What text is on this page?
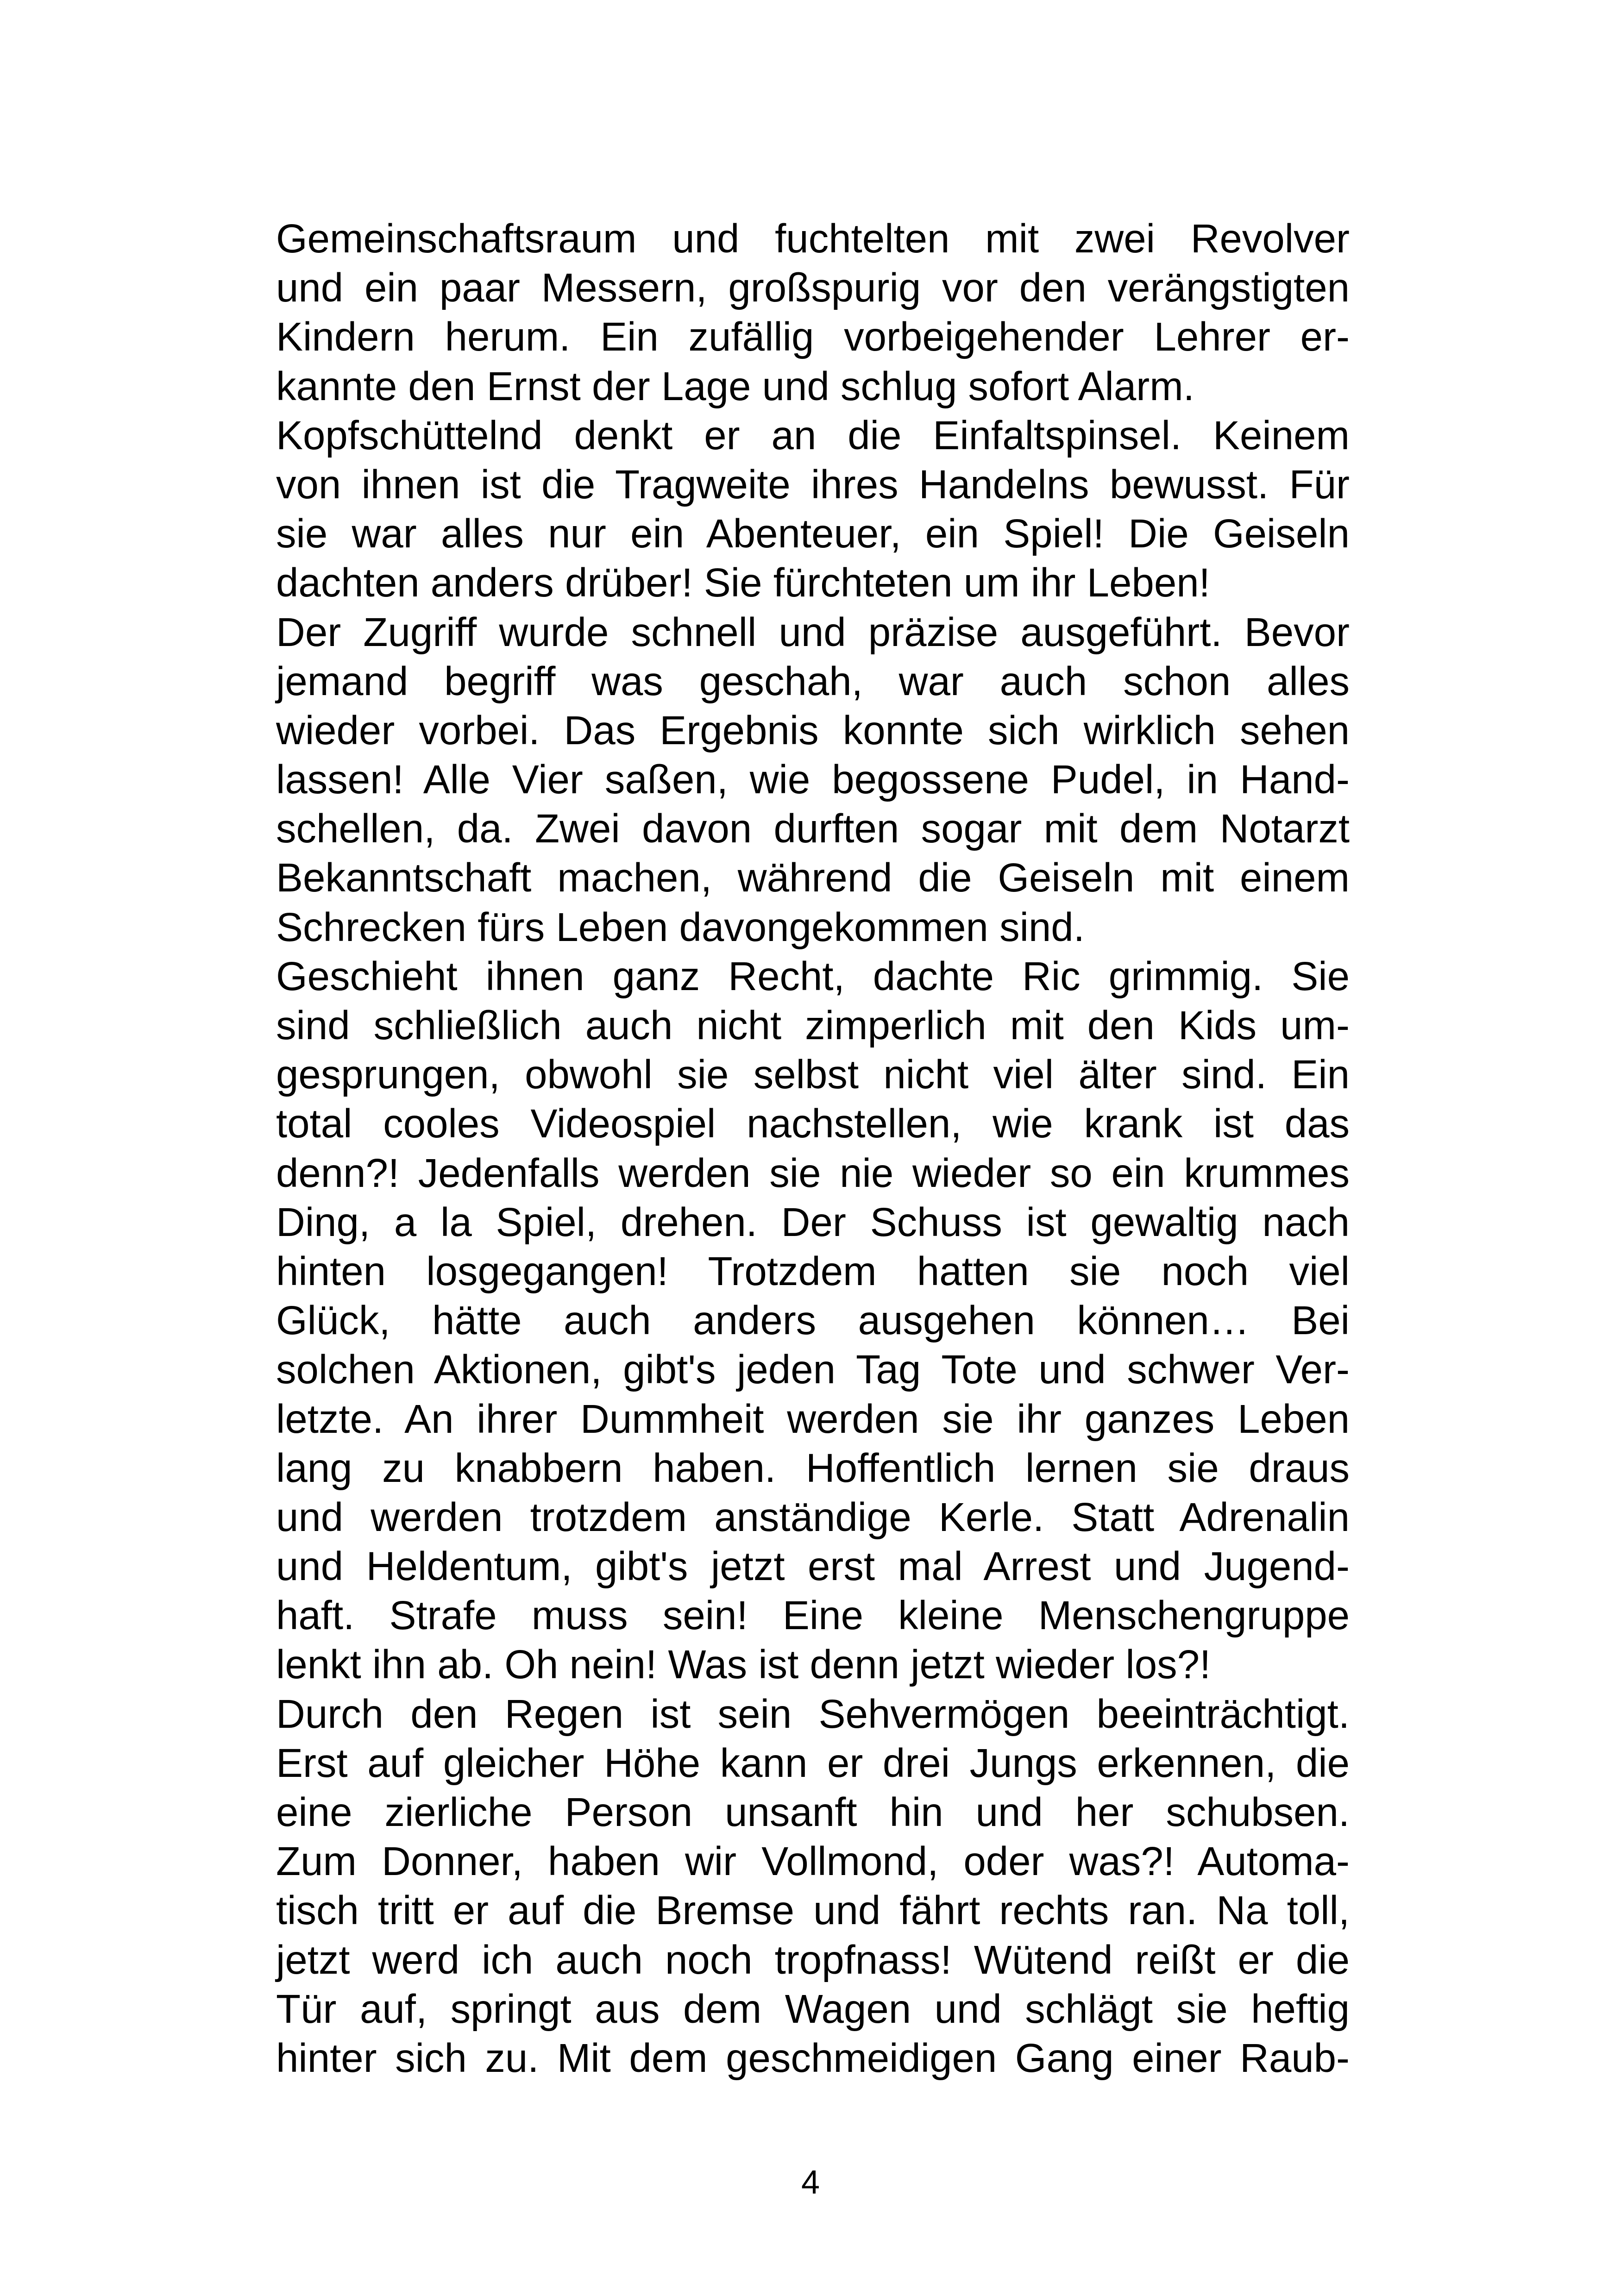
Gemeinschaftsraum und fuchtelten mit zwei Revolver
und ein paar Messern, großspurig vor den verängstigten
Kindern herum. Ein zufällig vorbeigehender Lehrer er-
kannte den Ernst der Lage und schlug sofort Alarm.
Kopfschüttelnd denkt er an die Einfaltspinsel. Keinem
von ihnen ist die Tragweite ihres Handelns bewusst. Für
sie war alles nur ein Abenteuer, ein Spiel! Die Geiseln
dachten anders drüber! Sie fürchteten um ihr Leben!
Der Zugriff wurde schnell und präzise ausgeführt. Bevor
jemand begriff was geschah, war auch schon alles
wieder vorbei. Das Ergebnis konnte sich wirklich sehen
lassen! Alle Vier saßen, wie begossene Pudel, in Hand-
schellen, da. Zwei davon durften sogar mit dem Notarzt
Bekanntschaft machen, während die Geiseln mit einem
Schrecken fürs Leben davongekommen sind.
Geschieht ihnen ganz Recht, dachte Ric grimmig. Sie
sind schließlich auch nicht zimperlich mit den Kids um-
gesprungen, obwohl sie selbst nicht viel älter sind. Ein
total cooles Videospiel nachstellen, wie krank ist das
denn?! Jedenfalls werden sie nie wieder so ein krummes
Ding, a la Spiel, drehen. Der Schuss ist gewaltig nach
hinten losgegangen! Trotzdem hatten sie noch viel
Glück, hätte auch anders ausgehen können… Bei
solchen Aktionen, gibt's jeden Tag Tote und schwer Ver-
letzte. An ihrer Dummheit werden sie ihr ganzes Leben
lang zu knabbern haben. Hoffentlich lernen sie draus
und werden trotzdem anständige Kerle. Statt Adrenalin
und Heldentum, gibt's jetzt erst mal Arrest und Jugend-
haft. Strafe muss sein! Eine kleine Menschengruppe
lenkt ihn ab. Oh nein! Was ist denn jetzt wieder los?!
Durch den Regen ist sein Sehvermögen beeinträchtigt.
Erst auf gleicher Höhe kann er drei Jungs erkennen, die
eine zierliche Person unsanft hin und her schubsen.
Zum Donner, haben wir Vollmond, oder was?! Automa-
tisch tritt er auf die Bremse und fährt rechts ran. Na toll,
jetzt werd ich auch noch tropfnass! Wütend reißt er die
Tür auf, springt aus dem Wagen und schlägt sie heftig
hinter sich zu. Mit dem geschmeidigen Gang einer Raub-
4
